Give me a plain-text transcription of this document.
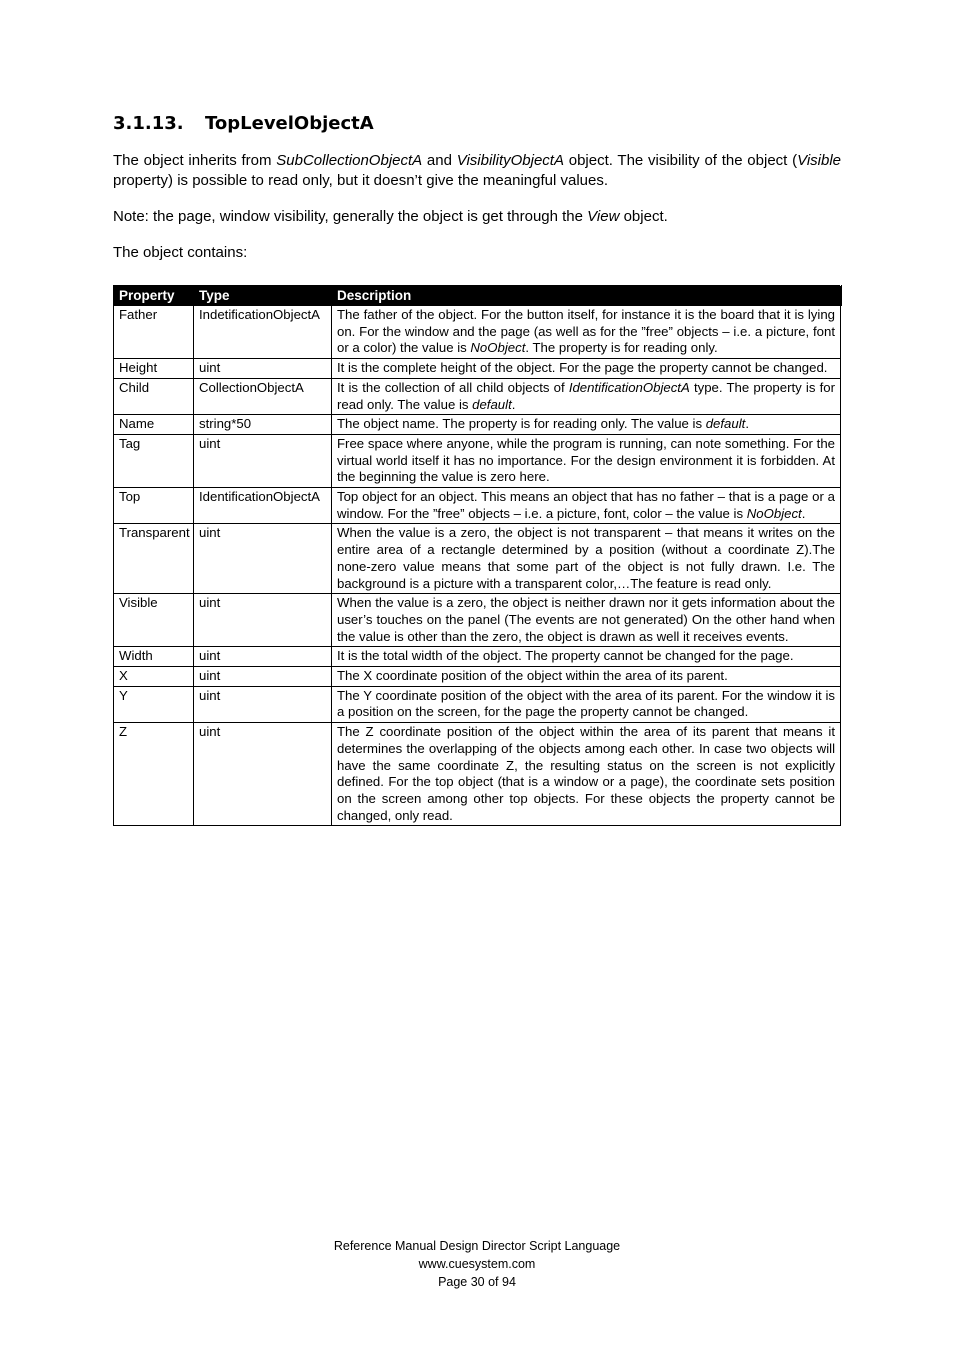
3.1.13. TopLevelObjectA
The object inherits from SubCollectionObjectA and VisibilityObjectA object. The visibility of the object (Visible property) is possible to read only, but it doesn’t give the meaningful values.
Note: the page, window visibility, generally the object is get through the View object.
The object contains:
Property	Type	Description
Father	IndetificationObjectA	The father of the object. For the button itself, for instance it is the board that it is lying on. For the window and the page (as well as for the ”free” objects – i.e. a picture, font or a color) the value is NoObject. The property is for reading only.
Height	uint	It is the complete height of the object. For the page the property cannot be changed.
Child	CollectionObjectA	It is the collection of all child objects of IdentificationObjectA type. The property is for read only. The value is default.
Name	string*50	The object name. The property is for reading only. The value is default.
Tag	uint	Free space where anyone, while the program is running, can note something. For the virtual world itself it has no importance. For the design environment it is forbidden. At the beginning the value is zero here.
Top	IdentificationObjectA	Top object for an object. This means an object that has no father – that is a page or a window. For the ”free” objects – i.e. a picture, font, color – the value is NoObject.
Transparent	uint	When the value is a zero, the object is not transparent – that means it writes on the entire area of a rectangle determined by a position (without a coordinate Z).The none-zero value means that some part of the object is not fully drawn. I.e. The background is a picture with a transparent color,…The feature is read only.
Visible	uint	When the value is a zero, the object is neither drawn nor it gets information about the user’s touches on the panel (The events are not generated) On the other hand when the value is other than the zero, the object is drawn as well it receives events.
Width	uint	It is the total width of the object. The property cannot be changed for the page.
X	uint	The X coordinate position of the object within the area of its parent.
Y	uint	The Y coordinate position of the object with the area of its parent. For the window it is a position on the screen, for the page the property cannot be changed.
Z	uint	The Z coordinate position of the object within the area of its parent that means it determines the overlapping of the objects among each other. In case two objects will have the same coordinate Z, the resulting status on the screen is not explicitly defined. For the top object (that is a window or a page), the coordinate sets position on the screen among other top objects. For these objects the property cannot be changed, only read.
Reference Manual Design Director Script Language
www.cuesystem.com
Page 30 of 94
